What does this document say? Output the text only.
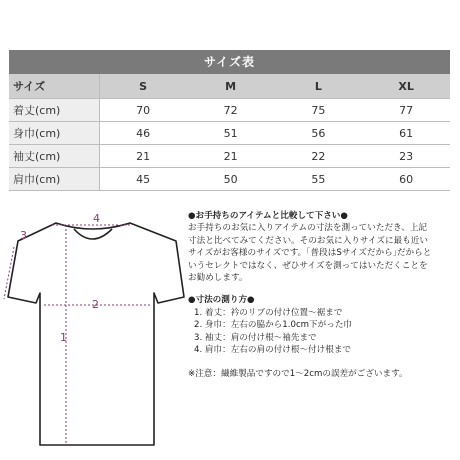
サイズ表
サイズ	S	M	L	XL
着丈(cm)	70	72	75	77
身巾(cm)	46	51	56	61
袖丈(cm)	21	21	22	23
肩巾(cm)	45	50	55	60
1
2
3
4	●お手持ちのアイテムと比較して下さい●

お手持ちのお気に入りアイテムの寸法を測っていただき、上記

寸法と比べてみてください。そのお気に入りサイズに最も近い

サイズがお客様のサイズです。｢普段はSサイズだから｣だからと

いうセレクトではなく、ぜひサイズを測ってはいただくことを

お勧めします。

●寸法の測り方●

1. 着丈：衿のリブの付け位置〜裾まで
2. 身巾：左右の脇から1.0cm下がった巾
3. 袖丈：肩の付け根〜袖先まで
4. 肩巾：左右の肩の付け根〜付け根まで

※注意：繊維製品ですので1〜2cmの誤差がございます。
